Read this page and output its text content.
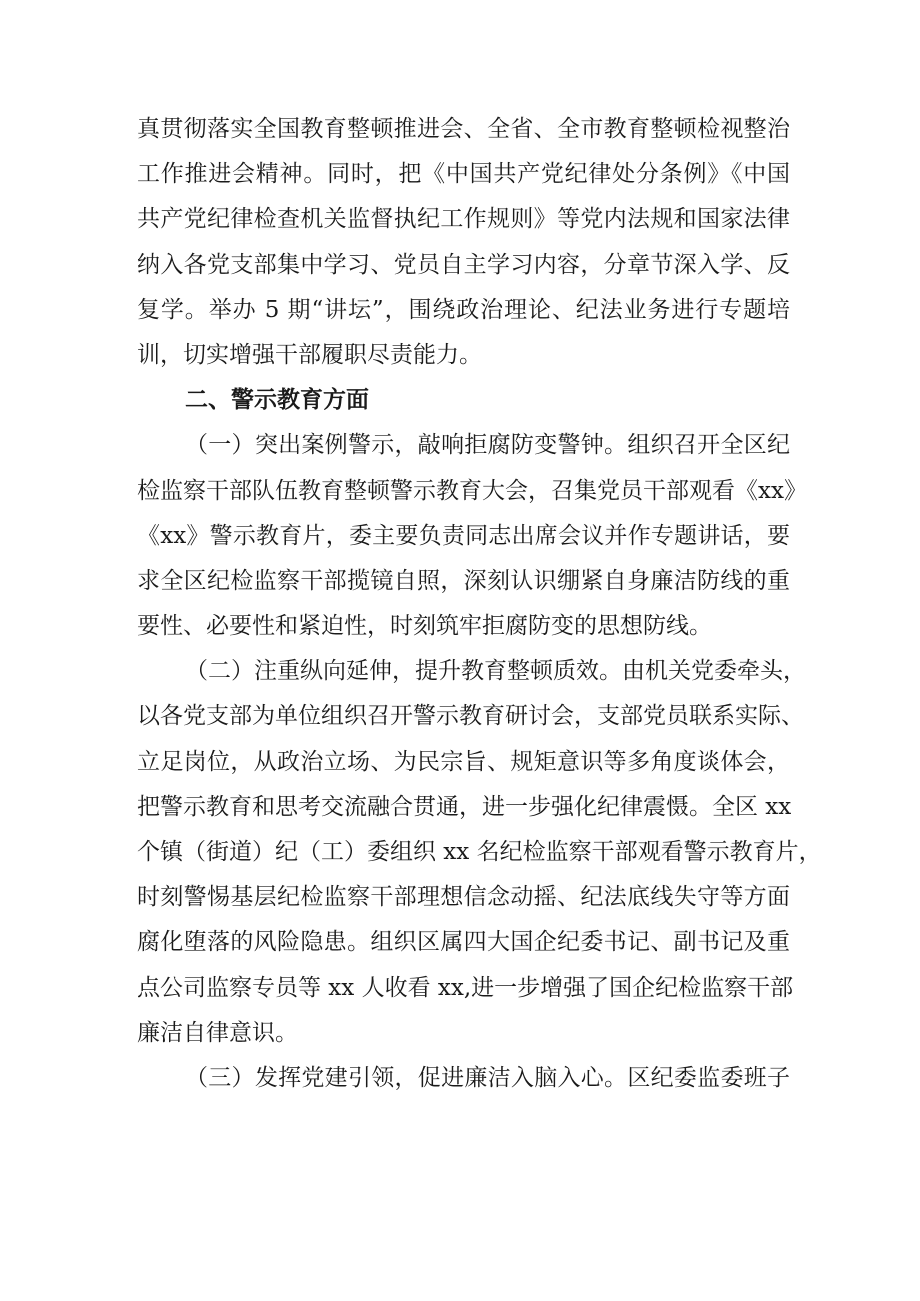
真贯彻落实全国教育整顿推进会、全省、全市教育整顿检视整治
工作推进会精神。同时，把《中国共产党纪律处分条例》《中国
共产党纪律检查机关监督执纪工作规则》等党内法规和国家法律
纳入各党支部集中学习、党员自主学习内容，分章节深入学、反
复学。举办 5 期“讲坛”，围绕政治理论、纪法业务进行专题培
训，切实增强干部履职尽责能力。
二、警示教育方面
（一）突出案例警示，敲响拒腐防变警钟。组织召开全区纪
检监察干部队伍教育整顿警示教育大会，召集党员干部观看《xx》
《xx》警示教育片，委主要负责同志出席会议并作专题讲话，要
求全区纪检监察干部揽镜自照，深刻认识绷紧自身廉洁防线的重
要性、必要性和紧迫性，时刻筑牢拒腐防变的思想防线。
（二）注重纵向延伸，提升教育整顿质效。由机关党委牵头，
以各党支部为单位组织召开警示教育研讨会，支部党员联系实际、
立足岗位，从政治立场、为民宗旨、规矩意识等多角度谈体会，
把警示教育和思考交流融合贯通，进一步强化纪律震慑。全区 xx
个镇（街道）纪（工）委组织 xx 名纪检监察干部观看警示教育片，
时刻警惕基层纪检监察干部理想信念动摇、纪法底线失守等方面
腐化堕落的风险隐患。组织区属四大国企纪委书记、副书记及重
点公司监察专员等 xx 人收看 xx,进一步增强了国企纪检监察干部
廉洁自律意识。
（三）发挥党建引领，促进廉洁入脑入心。区纪委监委班子
